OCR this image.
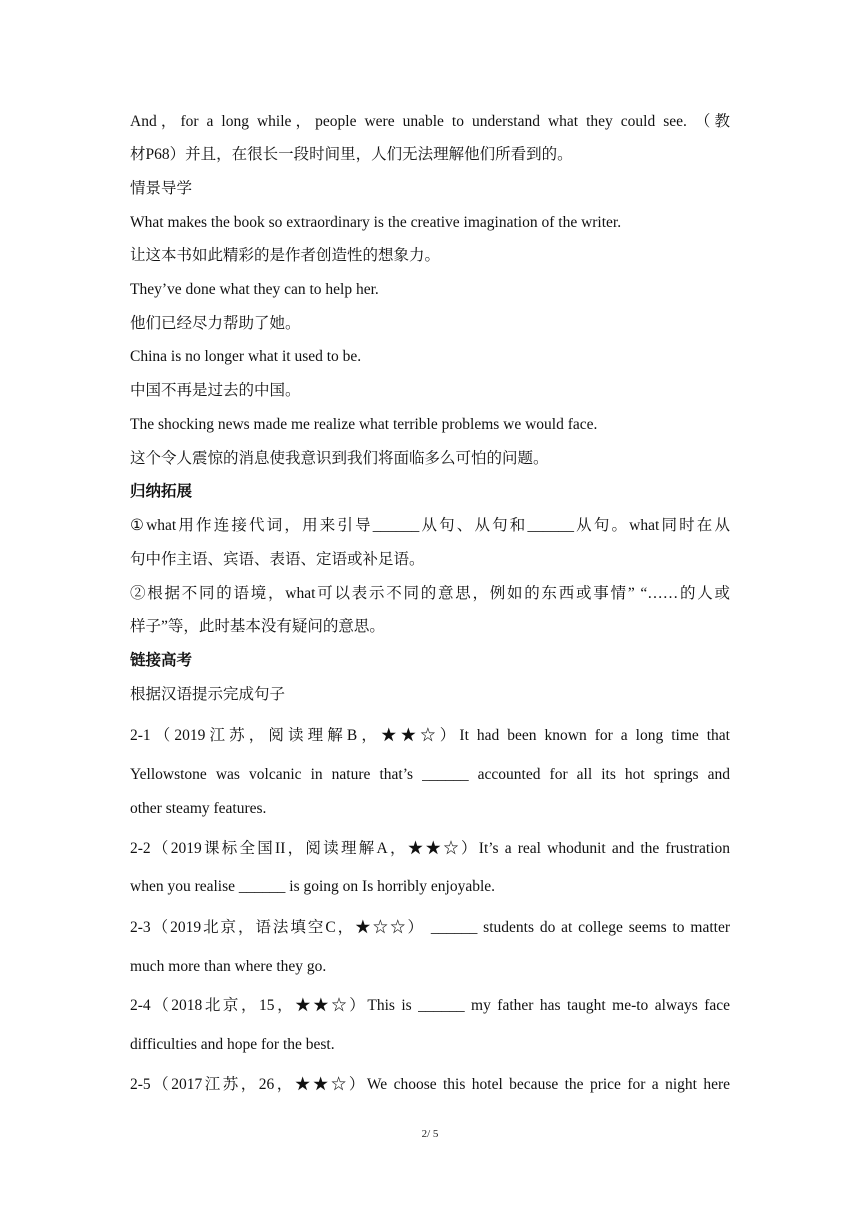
And，for a long while，people were unable to understand what they could see. （教
材P68）并且，在很长一段时间里，人们无法理解他们所看到的。
情景导学
What makes the book so extraordinary is the creative imagination of the writer.
让这本书如此精彩的是作者创造性的想象力。
They’ve done what they can to help her.
他们已经尽力帮助了她。
China is no longer what it used to be.
中国不再是过去的中国。
The shocking news made me realize what terrible problems we would face.
这个令人震惊的消息使我意识到我们将面临多么可怕的问题。
归纳拓展
①what用作连接代词，用来引导______从句、从句和______从句。what同时在从
句中作主语、宾语、表语、定语或补足语。
②根据不同的语境，what可以表示不同的意思，例如的东西或事情” “……的人或
样子”等，此时基本没有疑问的意思。
链接高考
根据汉语提示完成句子
2-1（2019江苏，阅读理解B，★★☆）It had been known for a long time that
Yellowstone was volcanic in nature that’s ______ accounted for all its hot springs and
other steamy features.
2-2（2019课标全国II，阅读理解A，★★☆）It’s a real whodunit and the frustration
when you realise ______ is going on Is horribly enjoyable.
2-3（2019北京，语法填空C，★☆☆） ______ students do at college seems to matter
much more than where they go.
2-4（2018北京，15，★★☆）This is ______ my father has taught me-to always face
difficulties and hope for the best.
2-5（2017江苏，26，★★☆）We choose this hotel because the price for a night here
2/ 5
